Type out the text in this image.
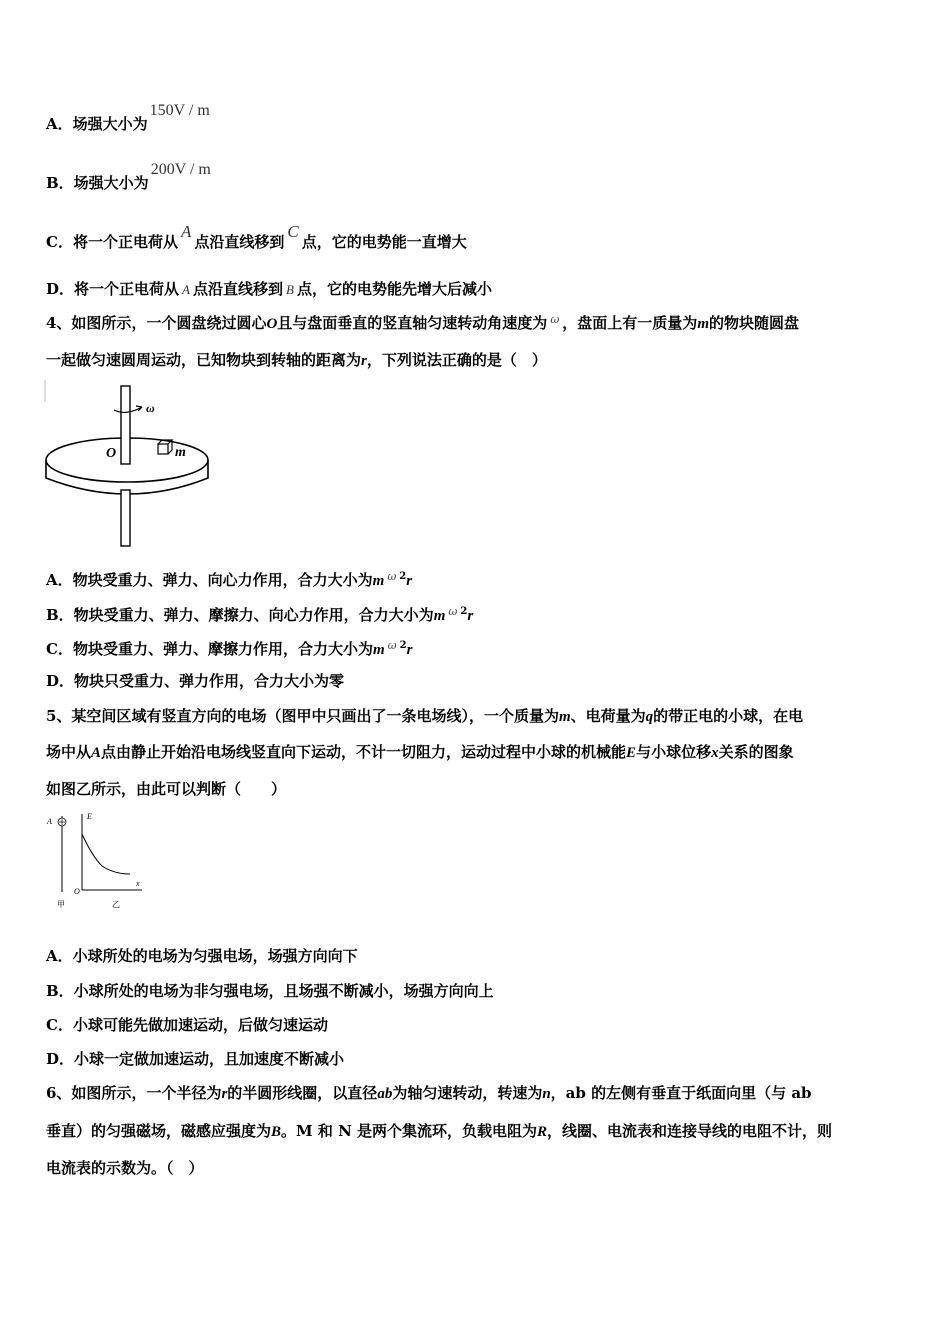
A．场强大小为150V / m
B．场强大小为200V / m
C．将一个正电荷从A点沿直线移到C点，它的电势能一直增大
D．将一个正电荷从 A 点沿直线移到 B 点，它的电势能先增大后减小
4、如图所示，一个圆盘绕过圆心O且与盘面垂直的竖直轴匀速转动角速度为 $^\omega$ ，盘面上有一质量为m的物块随圆盘
一起做匀速圆周运动，已知物块到转轴的距离为r，下列说法正确的是（　）
ω
O	m
A．物块受重力、弹力、向心力作用，合力大小为m $^\omega$ $^2$r
B．物块受重力、弹力、摩擦力、向心力作用，合力大小为m $^\omega$ $^2$r
C．物块受重力、弹力、摩擦力作用，合力大小为m $^\omega$ $^2$r
D．物块只受重力、弹力作用，合力大小为零
5、某空间区域有竖直方向的电场（图甲中只画出了一条电场线），一个质量为m、电荷量为q的带正电的小球，在电
场中从A点由静止开始沿电场线竖直向下运动，不计一切阻力，运动过程中小球的机械能E与小球位移x关系的图象
如图乙所示，由此可以判断（　　）
A
甲
E
O
x
乙
A．小球所处的电场为匀强电场，场强方向向下
B．小球所处的电场为非匀强电场，且场强不断减小，场强方向向上
C．小球可能先做加速运动，后做匀速运动
D．小球一定做加速运动，且加速度不断减小
6、如图所示，一个半径为r的半圆形线圈，以直径ab为轴匀速转动，转速为n，ab 的左侧有垂直于纸面向里（与 ab
垂直）的匀强磁场，磁感应强度为B。M 和 N 是两个集流环，负载电阻为R，线圈、电流表和连接导线的电阻不计，则
电流表的示数为。（　）
